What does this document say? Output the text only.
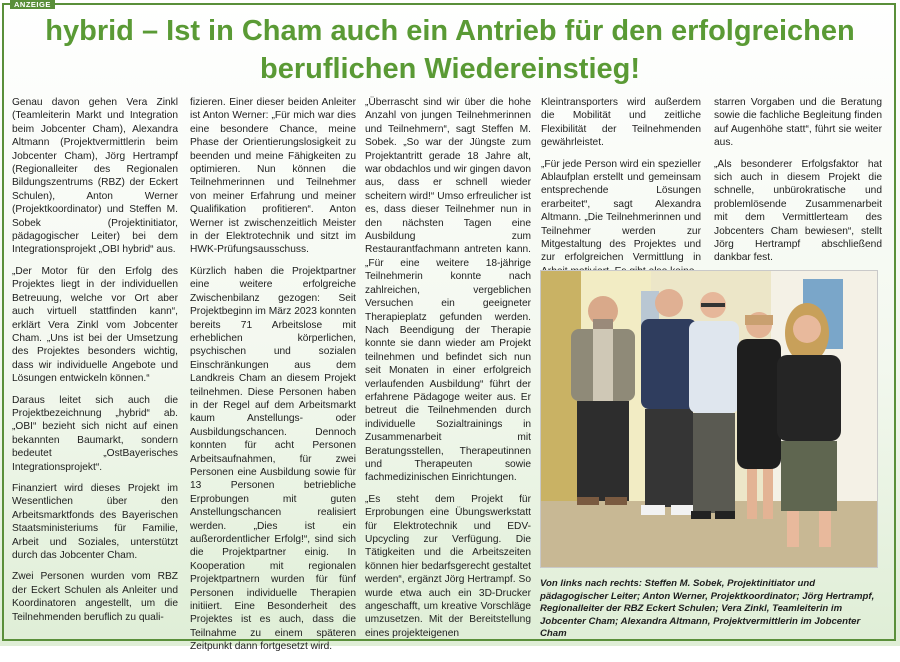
ANZEIGE
hybrid – Ist in Cham auch ein Antrieb für den erfolgreichen
beruflichen Wiedereinstieg!

Genau davon gehen Vera Zinkl (Teamleiterin Markt und Integration beim Jobcenter Cham), Alexandra Altmann (Projektvermittlerin beim Jobcenter Cham), Jörg Hertrampf (Regionalleiter des Regionalen Bildungszentrums (RBZ) der Eckert Schulen), Anton Werner (Projektkoordinator) und Steffen M. Sobek (Projektinitiator, pädagogischer Leiter) bei dem Integrationsprojekt „OBI hybrid“ aus.

„Der Motor für den Erfolg des Projektes liegt in der individuellen Betreuung, welche vor Ort aber auch virtuell stattfinden kann“, erklärt Vera Zinkl vom Jobcenter Cham. „Uns ist bei der Umsetzung des Projektes besonders wichtig, dass wir individuelle Angebote und Lösungen entwickeln können.“

Daraus leitet sich auch die Projektbezeichnung „hybrid“ ab. „OBI“ bezieht sich nicht auf einen bekannten Baumarkt, sondern bedeutet „OstBayerisches Integrationsprojekt“.

Finanziert wird dieses Projekt im Wesentlichen über den Arbeitsmarktfonds des Bayerischen Staatsministeriums für Familie, Arbeit und Soziales, unterstützt durch das Jobcenter Cham.

Zwei Personen wurden vom RBZ der Eckert Schulen als Anleiter und Koordinatoren angestellt, um die Teilnehmenden beruflich zu quali-

fizieren. Einer dieser beiden Anleiter ist Anton Werner: „Für mich war dies eine besondere Chance, meine Phase der Orientierungslosigkeit zu beenden und meine Fähigkeiten zu optimieren. Nun können die Teilnehmerinnen und Teilnehmer von meiner Erfahrung und meiner Qualifikation profitieren“. Anton Werner ist zwischenzeitlich Meister in der Elektrotechnik und sitzt im HWK-Prüfungsausschuss.

Kürzlich haben die Projektpartner eine weitere erfolgreiche Zwischenbilanz gezogen: Seit Projektbeginn im März 2023 konnten bereits 71 Arbeitslose mit erheblichen körperlichen, psychischen und sozialen Einschränkungen aus dem Landkreis Cham an diesem Projekt teilnehmen. Diese Personen haben in der Regel auf dem Arbeitsmarkt kaum Anstellungs- oder Ausbildungschancen. Dennoch konnten für acht Personen Arbeitsaufnahmen, für zwei Personen eine Ausbildung sowie für 13 Personen betriebliche Erprobungen mit guten Anstellungschancen realisiert werden. „Dies ist ein außerordentlicher Erfolg!“, sind sich die Projektpartner einig. In Kooperation mit regionalen Projektpartnern wurden für fünf Personen individuelle Therapien initiiert. Eine Besonderheit des Projektes ist es auch, dass die Teilnahme zu einem späteren Zeitpunkt dann fortgesetzt wird.

„Überrascht sind wir über die hohe Anzahl von jungen Teilnehmerinnen und Teilnehmern“, sagt Steffen M. Sobek. „So war der Jüngste zum Projektantritt gerade 18 Jahre alt, war obdachlos und wir gingen davon aus, dass er schnell wieder scheitern wird!“ Umso erfreulicher ist es, dass dieser Teilnehmer nun in den nächsten Tagen eine Ausbildung zum Restaurantfachmann antreten kann. „Für eine weitere 18-jährige Teilnehmerin konnte nach zahlreichen, vergeblichen Versuchen ein geeigneter Therapieplatz gefunden werden. Nach Beendigung der Therapie konnte sie dann wieder am Projekt teilnehmen und befindet sich nun seit Monaten in einer erfolgreich verlaufenden Ausbildung“ führt der erfahrene Pädagoge weiter aus. Er betreut die Teilnehmenden durch individuelle Sozialtrainings in Zusammenarbeit mit Beratungsstellen, Therapeutinnen und Therapeuten sowie fachmedizinischen Einrichtungen.

„Es steht dem Projekt für Erprobungen eine Übungswerkstatt für Elektrotechnik und EDV-Upcycling zur Verfügung. Die Tätigkeiten und die Arbeitszeiten können hier bedarfsgerecht gestaltet werden“, ergänzt Jörg Hertrampf. So wurde etwa auch ein 3D-Drucker angeschafft, um kreative Vorschläge umzusetzen. Mit der Bereitstellung eines projekteigenen

Kleintransporters wird außerdem die Mobilität und zeitliche Flexibilität der Teilnehmenden gewährleistet.

„Für jede Person wird ein spezieller Ablaufplan erstellt und gemeinsam entsprechende Lösungen erarbeitet“, sagt Alexandra Altmann. „Die Teilnehmerinnen und Teilnehmer werden zur Mitgestaltung des Projektes und zur erfolgreichen Vermittlung in

starren Vorgaben und die Beratung sowie die fachliche Begleitung finden auf Augenhöhe statt“, führt sie weiter aus.

„Als besonderer Erfolgsfaktor hat sich auch in diesem Projekt die schnelle, unbürokratische und problemlösende Zusammenarbeit mit dem Vermittlerteam des Jobcenters Cham bewiesen“, stellt Jörg Hertrampf abschließend dankbar fest.

Von links nach rechts: Steffen M. Sobek, Projektinitiator und pädagogischer Leiter; Anton Werner, Projektkoordinator; Jörg Hertrampf, Regionalleiter der RBZ Eckert Schulen; Vera Zinkl, Teamleiterin im Jobcenter Cham; Alexandra Altmann, Projektvermittlerin im Jobcenter Cham
